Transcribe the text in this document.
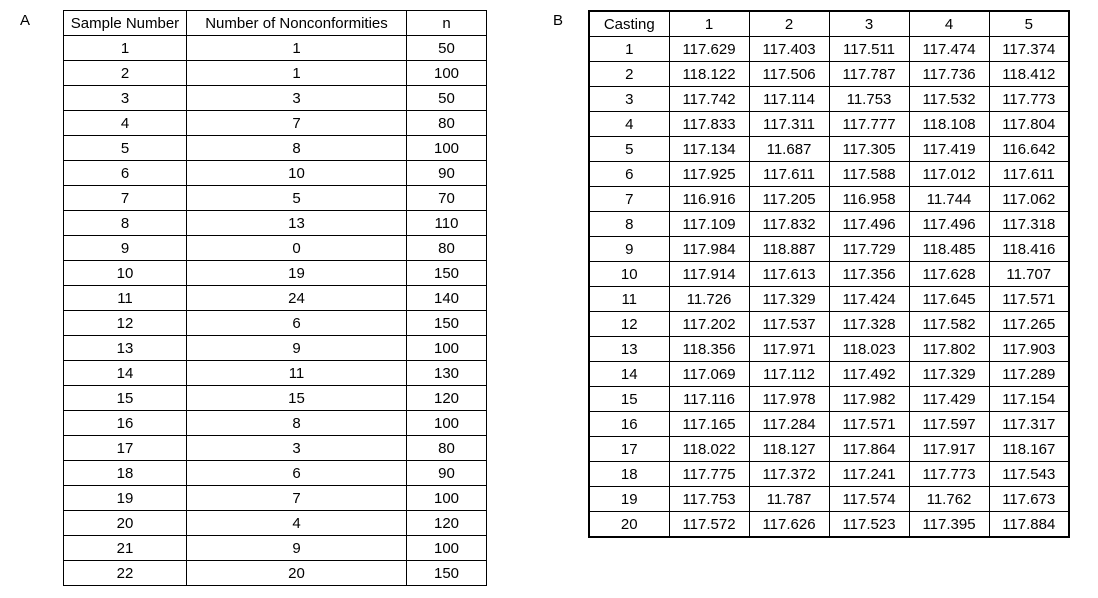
A	B
Sample Number	Number of Nonconformities	n
1	1	50
2	1	100
3	3	50
4	7	80
5	8	100
6	10	90
7	5	70
8	13	110
9	0	80
10	19	150
11	24	140
12	6	150
13	9	100
14	11	130
15	15	120
16	8	100
17	3	80
18	6	90
19	7	100
20	4	120
21	9	100
22	20	150
Casting	1	2	3	4	5
1	117.629	117.403	117.511	117.474	117.374
2	118.122	117.506	117.787	117.736	118.412
3	117.742	117.114	11.753	117.532	117.773
4	117.833	117.311	117.777	118.108	117.804
5	117.134	11.687	117.305	117.419	116.642
6	117.925	117.611	117.588	117.012	117.611
7	116.916	117.205	116.958	11.744	117.062
8	117.109	117.832	117.496	117.496	117.318
9	117.984	118.887	117.729	118.485	118.416
10	117.914	117.613	117.356	117.628	11.707
11	11.726	117.329	117.424	117.645	117.571
12	117.202	117.537	117.328	117.582	117.265
13	118.356	117.971	118.023	117.802	117.903
14	117.069	117.112	117.492	117.329	117.289
15	117.116	117.978	117.982	117.429	117.154
16	117.165	117.284	117.571	117.597	117.317
17	118.022	118.127	117.864	117.917	118.167
18	117.775	117.372	117.241	117.773	117.543
19	117.753	11.787	117.574	11.762	117.673
20	117.572	117.626	117.523	117.395	117.884
